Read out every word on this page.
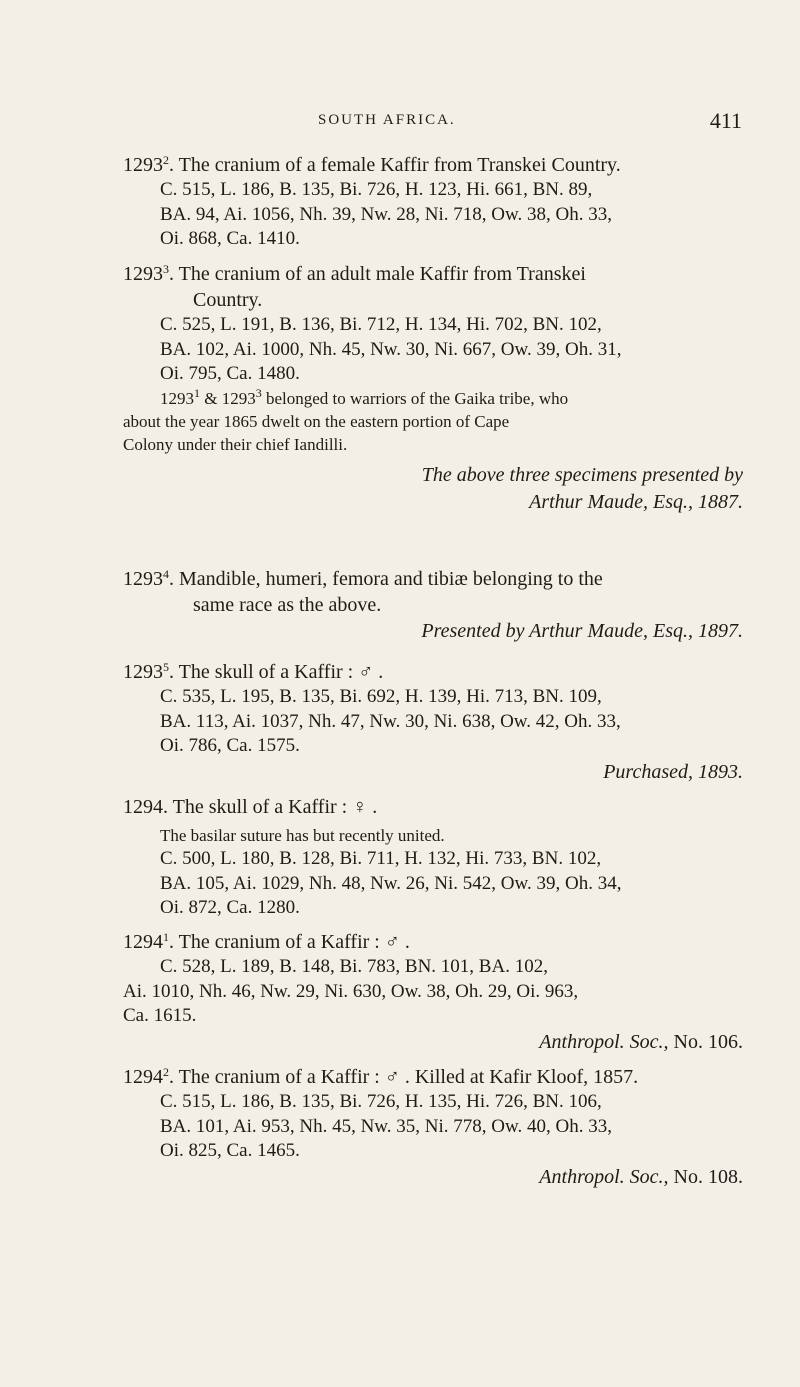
SOUTH AFRICA.	411
1293$^2$. The cranium of a female Kaffir from Transkei Country.
C. 515, L. 186, B. 135, Bi. 726, H. 123, Hi. 661, BN. 89,
BA. 94, Ai. 1056, Nh. 39, Nw. 28, Ni. 718, Ow. 38, Oh. 33,
Oi. 868, Ca. 1410.
1293$^3$. The cranium of an adult male Kaffir from Transkei
Country.
C. 525, L. 191, B. 136, Bi. 712, H. 134, Hi. 702, BN. 102,
BA. 102, Ai. 1000, Nh. 45, Nw. 30, Ni. 667, Ow. 39, Oh. 31,
Oi. 795, Ca. 1480.
1293$^1$ & 1293$^3$ belonged to warriors of the Gaika tribe, who
about the year 1865 dwelt on the eastern portion of Cape
Colony under their chief Iandilli.
The above three specimens presented by
Arthur Maude, Esq., 1887.
1293$^4$. Mandible, humeri, femora and tibiæ belonging to the
same race as the above.
Presented by Arthur Maude, Esq., 1897.
1293$^5$. The skull of a Kaffir : ♂ .
C. 535, L. 195, B. 135, Bi. 692, H. 139, Hi. 713, BN. 109,
BA. 113, Ai. 1037, Nh. 47, Nw. 30, Ni. 638, Ow. 42, Oh. 33,
Oi. 786, Ca. 1575.
Purchased, 1893.
1294. The skull of a Kaffir : ♀ .
The basilar suture has but recently united.
C. 500, L. 180, B. 128, Bi. 711, H. 132, Hi. 733, BN. 102,
BA. 105, Ai. 1029, Nh. 48, Nw. 26, Ni. 542, Ow. 39, Oh. 34,
Oi. 872, Ca. 1280.
1294$^1$. The cranium of a Kaffir : ♂ .
C. 528, L. 189, B. 148, Bi. 783, BN. 101, BA. 102,
Ai. 1010, Nh. 46, Nw. 29, Ni. 630, Ow. 38, Oh. 29, Oi. 963,
Ca. 1615.
Anthropol. Soc., No. 106.
1294$^2$. The cranium of a Kaffir : ♂ . Killed at Kafir Kloof, 1857.
C. 515, L. 186, B. 135, Bi. 726, H. 135, Hi. 726, BN. 106,
BA. 101, Ai. 953, Nh. 45, Nw. 35, Ni. 778, Ow. 40, Oh. 33,
Oi. 825, Ca. 1465.
Anthropol. Soc., No. 108.
